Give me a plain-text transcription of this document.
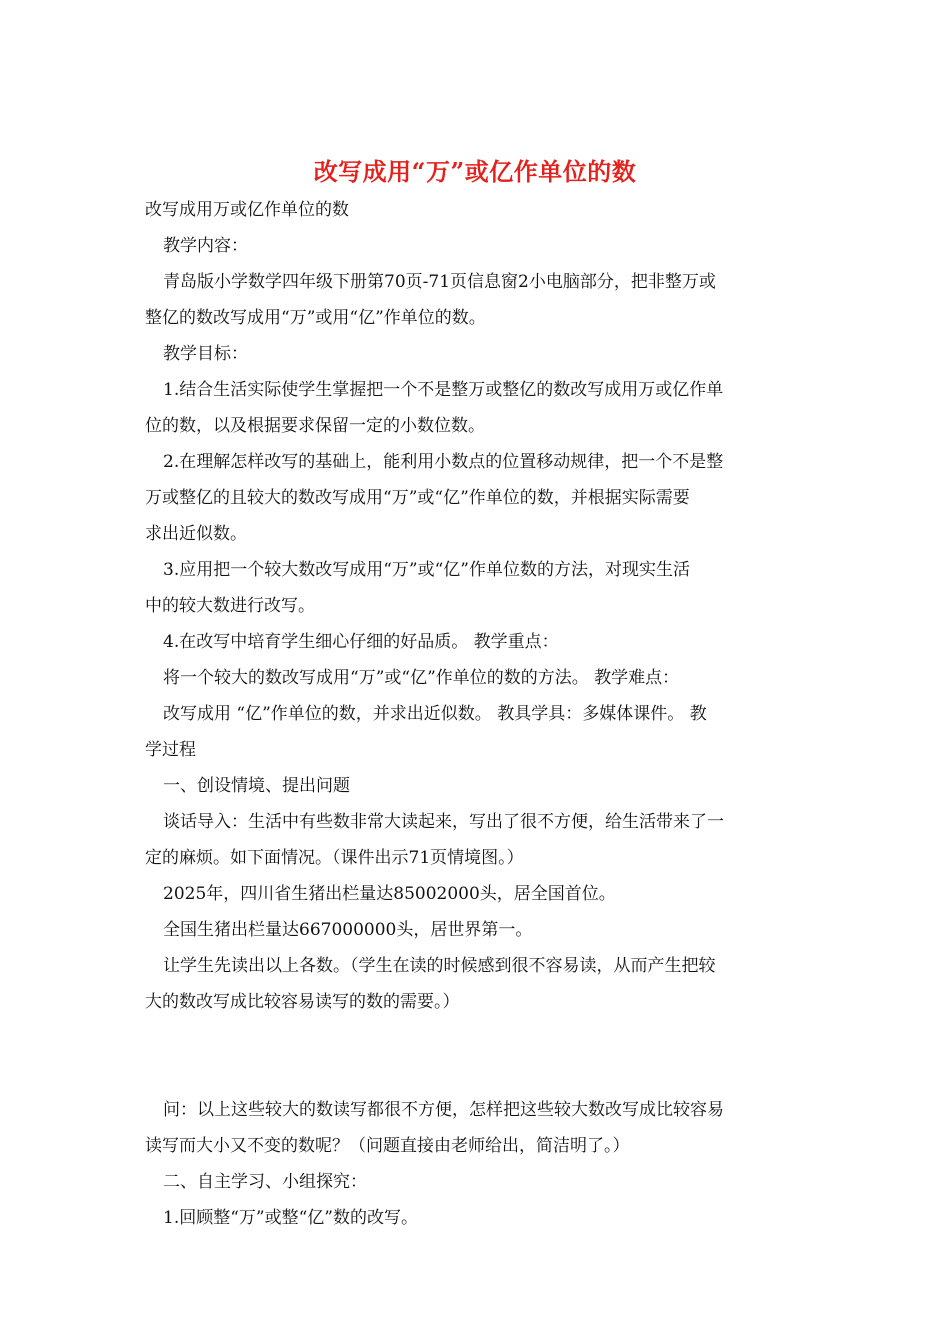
改写成用“万”或亿作单位的数
改写成用万或亿作单位的数
教学内容：
青岛版小学数学四年级下册第70页-71页信息窗2小电脑部分，把非整万或
整亿的数改写成用“万”或用“亿”作单位的数。
教学目标：
1.结合生活实际使学生掌握把一个不是整万或整亿的数改写成用万或亿作单
位的数，以及根据要求保留一定的小数位数。
2.在理解怎样改写的基础上，能利用小数点的位置移动规律，把一个不是整
万或整亿的且较大的数改写成用“万”或“亿”作单位的数，并根据实际需要
求出近似数。
3.应用把一个较大数改写成用“万”或“亿”作单位数的方法，对现实生活
中的较大数进行改写。
4.在改写中培育学生细心仔细的好品质。 教学重点：
将一个较大的数改写成用“万”或“亿”作单位的数的方法。 教学难点：
改写成用 “亿”作单位的数，并求出近似数。 教具学具：多媒体课件。 教
学过程
一、创设情境、提出问题
谈话导入：生活中有些数非常大读起来，写出了很不方便，给生活带来了一
定的麻烦。如下面情况。（课件出示71页情境图。）
2025年，四川省生猪出栏量达85002000头，居全国首位。
全国生猪出栏量达667000000头，居世界第一。
让学生先读出以上各数。（学生在读的时候感到很不容易读，从而产生把较
大的数改写成比较容易读写的数的需要。）
问：以上这些较大的数读写都很不方便，怎样把这些较大数改写成比较容易
读写而大小又不变的数呢？（问题直接由老师给出，简洁明了。）
二、自主学习、小组探究：
1.回顾整“万”或整“亿”数的改写。
